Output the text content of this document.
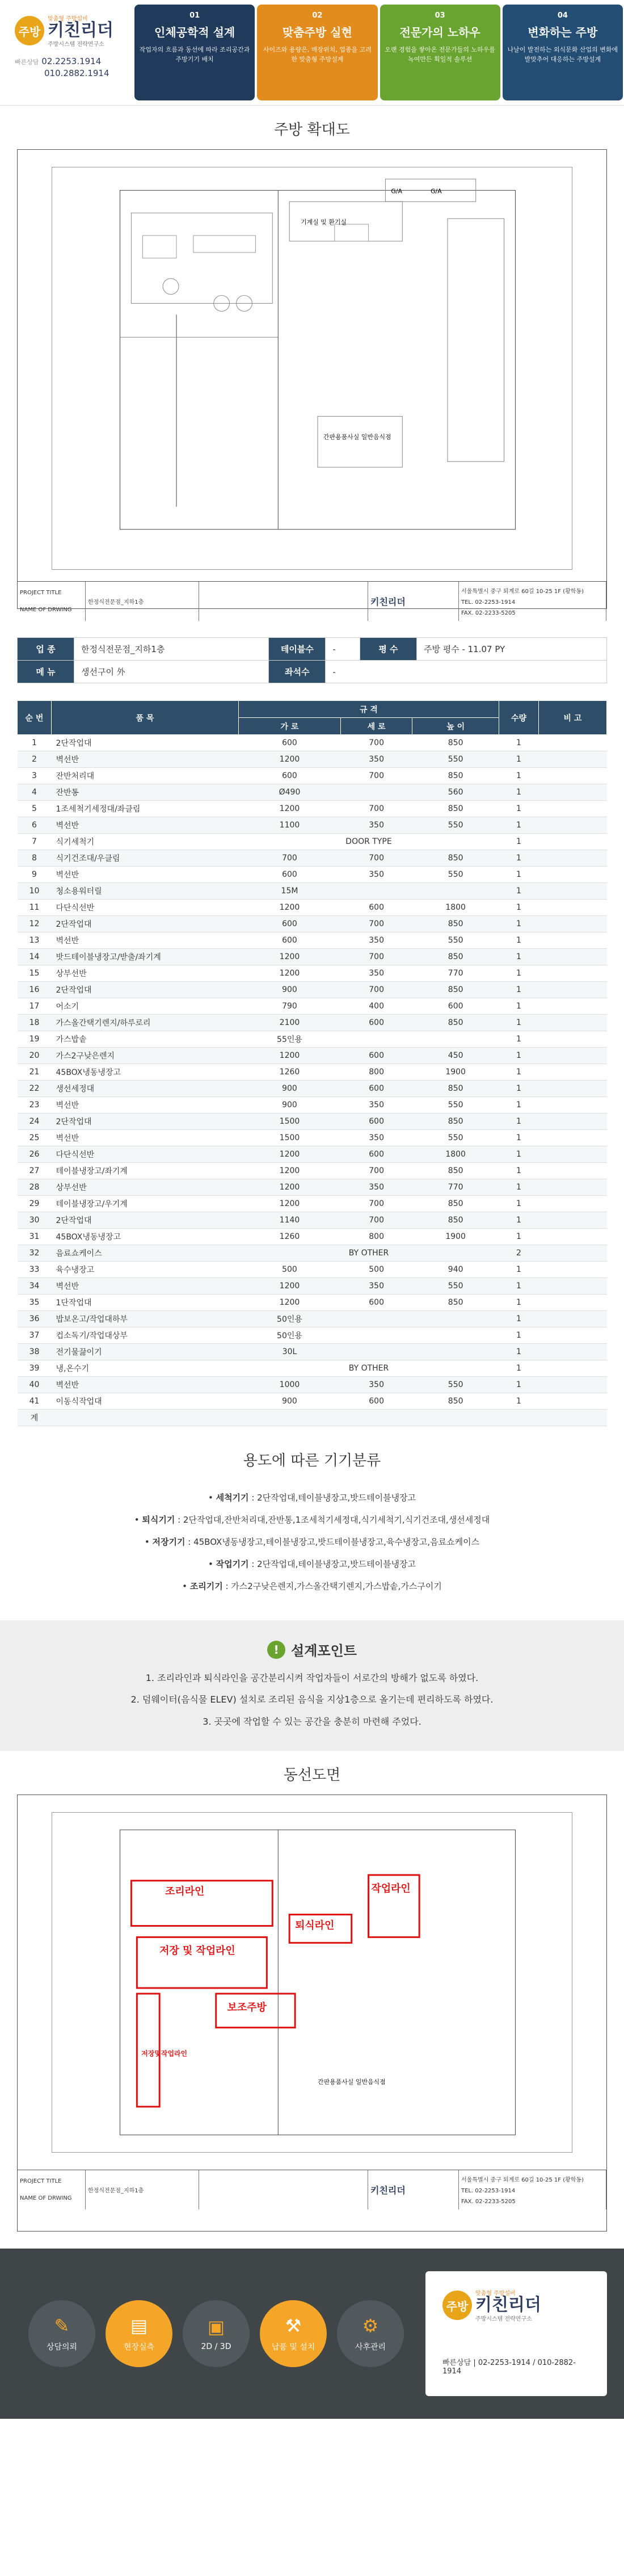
주방
맞춤형 주방설비
키친리더
주방시스템 전략연구소
빠른상담 02.2253.1914
010.2882.1914
01
인체공학적 설계
작업자의 흐름과 동선에 따라 조리공간과 주방기기 배치
02
맞춤주방 실현
사이즈와 용량은, 매장위치, 업종을 고려한 맞춤형 주방설계
03
전문가의 노하우
오랜 경험을 쌓아온 전문가들의 노하우를 녹여만든 획일적 솔루션
04
변화하는 주방
나날이 발전하는 외식문화 산업의 변화에 발맞추어 대응하는 주방설계
주방 확대도
G/A	G/A
기계실 및 환기실
간판용품사실 일반음식점
PROJECT TITLE
NAME OF DRWING
한정식전문점_지하1층	키친리더
서울특별시 중구 퇴계로 60길 10-25 1F (황학동)
TEL. 02-2253-1914
FAX. 02-2233-5205
업 종	한정식전문점_지하1층	테이블수	-	평 수	주방 평수 - 11.07 PY
메 뉴	생선구이 外	좌석수	-		
순 번	품 목	규 격			수량	비 고
		가 로	세 로	높 이		
1	2단작업대	600	700	850	1	
2	벽선반	1200	350	550	1	
3	잔반처리대	600	700	850	1	
4	잔반통	Ø490		560	1	
5	1조세척기세정대/좌클림	1200	700	850	1	
6	벽선반	1100	350	550	1	
7	식기세척기	DOOR TYPE			1	
8	식기건조대/우클림	700	700	850	1	
9	벽선반	600	350	550	1	
10	청소용워터릴	15M			1	
11	다단식선반	1200	600	1800	1	
12	2단작업대	600	700	850	1	
13	벽선반	600	350	550	1	
14	밧드테이블냉장고/받출/좌기계	1200	700	850	1	
15	상부선반	1200	350	770	1	
16	2단작업대	900	700	850	1	
17	어소기	790	400	600	1	
18	가스올간택기렌지/하루로리	2100	600	850	1	
19	가스밥솥	55인용			1	
20	가스2구낮은렌지	1200	600	450	1	
21	45BOX냉동냉장고	1260	800	1900	1	
22	생선세정대	900	600	850	1	
23	벽선반	900	350	550	1	
24	2단작업대	1500	600	850	1	
25	벽선반	1500	350	550	1	
26	다단식선반	1200	600	1800	1	
27	테이블냉장고/좌기계	1200	700	850	1	
28	상부선반	1200	350	770	1	
29	테이블냉장고/우기계	1200	700	850	1	
30	2단작업대	1140	700	850	1	
31	45BOX냉동냉장고	1260	800	1900	1	
32	음료쇼케이스	BY OTHER			2	
33	육수냉장고	500	500	940	1	
34	벽선반	1200	350	550	1	
35	1단작업대	1200	600	850	1	
36	밥보온고/작업대하부	50인용			1	
37	컵소독기/작업대상부	50인용			1	
38	전기물끓이기	30L			1	
39	냉,온수기	BY OTHER			1	
40	벽선반	1000	350	550	1	
41	이동식작업대	900	600	850	1	
계						
용도에 따른 기기분류
• 세척기기 : 2단작업대,테이블냉장고,밧드테이블냉장고
• 퇴식기기 : 2단작업대,잔반처리대,잔반통,1조세척기세정대,식기세척기,식기건조대,생선세정대
• 저장기기 : 45BOX냉동냉장고,테이블냉장고,밧드테이블냉장고,육수냉장고,음료쇼케이스
• 작업기기 : 2단작업대,테이블냉장고,밧드테이블냉장고
• 조리기기 : 가스2구낮은렌지,가스올간택기렌지,가스밥솥,가스구이기
! 설계포인트

1. 조리라인과 퇴식라인을 공간분리시켜 작업자들이 서로간의 방해가 없도록 하였다.

2. 덤웨이터(음식물 ELEV) 설치로 조리된 음식을 지상1층으로 올기는데 편리하도록 하였다.

3. 곳곳에 작업할 수 있는 공간을 충분히 마련해 주었다.

동선도면
조리라인
저장 및 작업라인
퇴식라인
작업라인
보조주방
저장및작업라인
간판용품사실 일반음식점
PROJECT TITLE
NAME OF DRWING
한정식전문점_지하1층	키친리더
서울특별시 중구 퇴계로 60길 10-25 1F (황학동)
TEL. 02-2253-1914
FAX. 02-2233-5205
✎
상담의뢰
▤
현장실측
▣
2D / 3D
⚒
납품 및 설치
⚙
사후관리
주방
맞춤형 주방설비
키친리더
주방시스템 전략연구소
빠른상담 | 02-2253-1914 / 010-2882-1914
